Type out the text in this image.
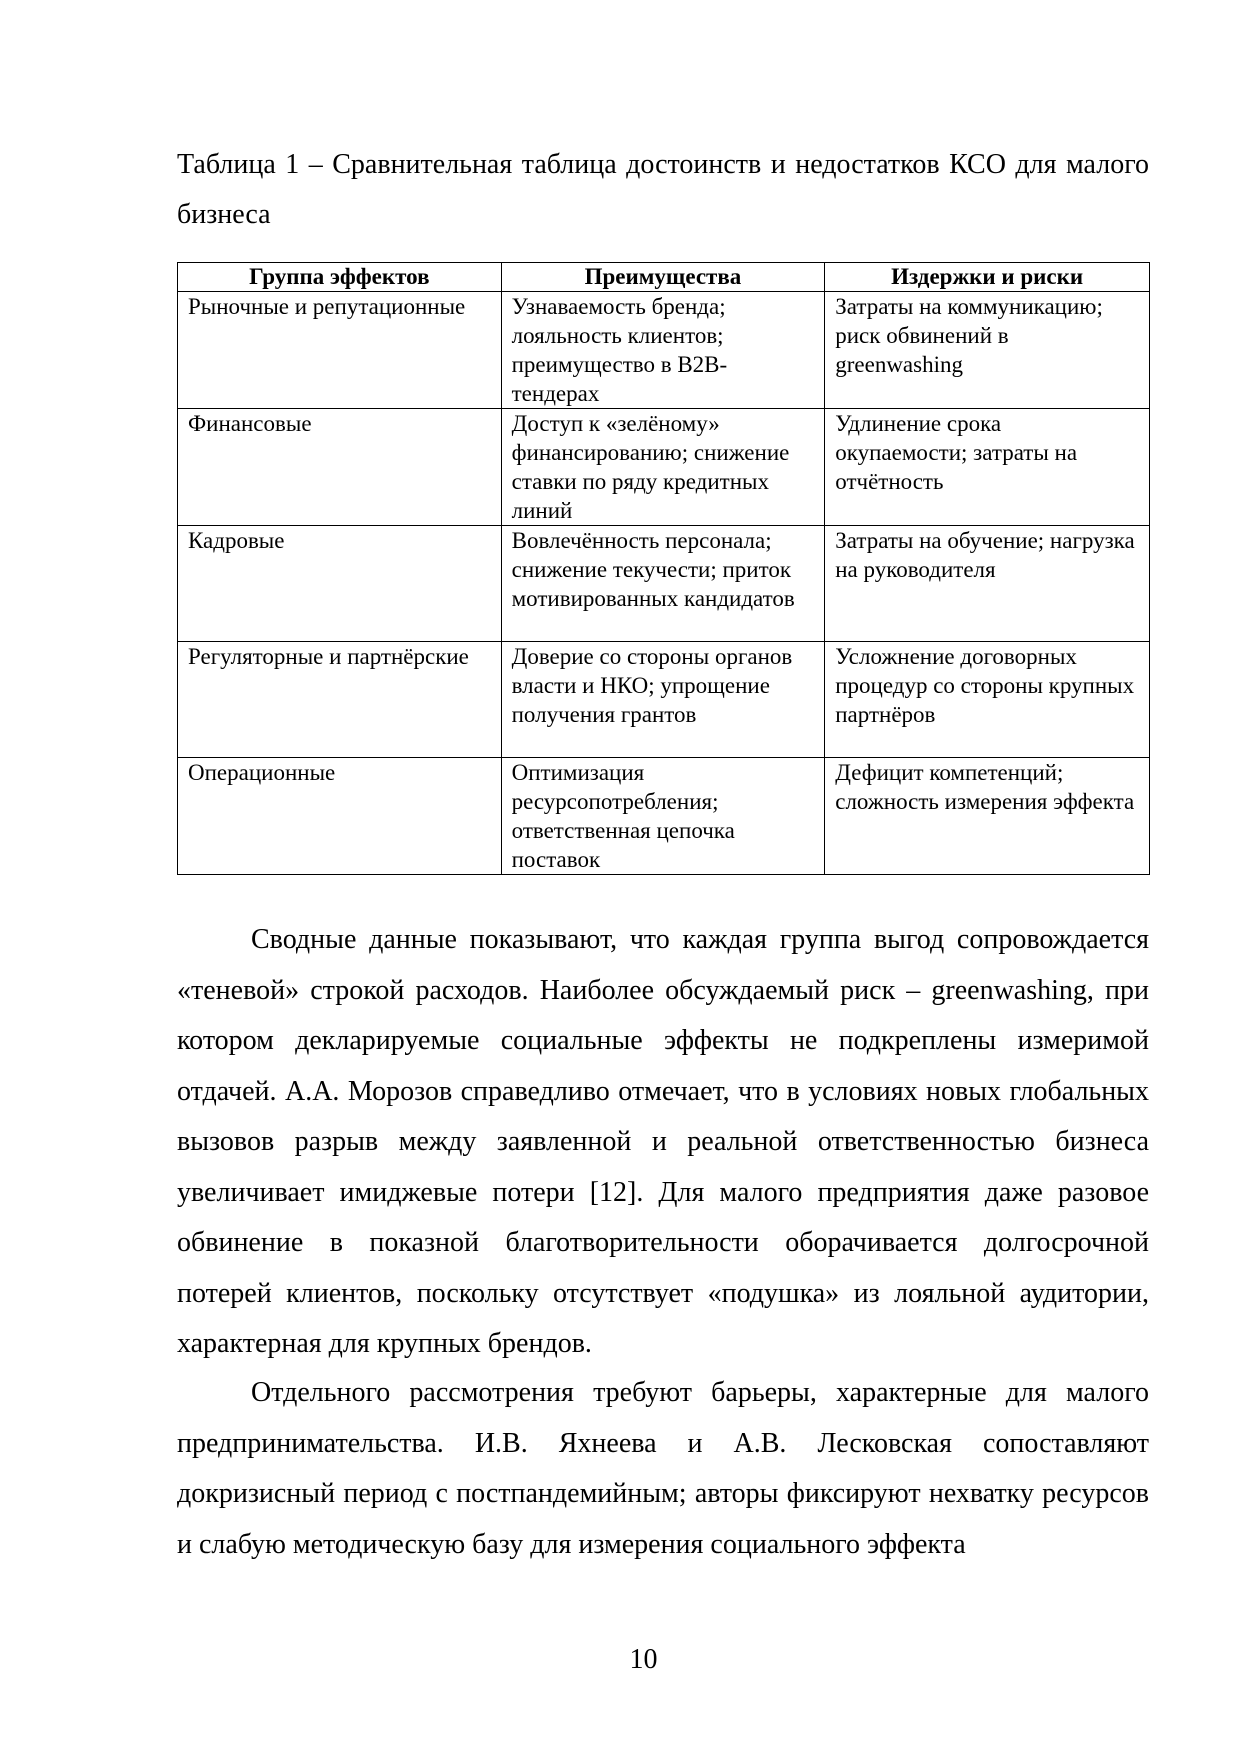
Таблица 1 – Сравнительная таблица достоинств и недостатков КСО для малого бизнеса

Группа эффектов	Преимущества	Издержки и риски
Рыночные и репутационные	Узнаваемость бренда; лояльность клиентов; преимущество в B2B-тендерах	Затраты на коммуникацию; риск обвинений в greenwashing
Финансовые	Доступ к «зелёному» финансированию; снижение ставки по ряду кредитных линий	Удлинение срока окупаемости; затраты на отчётность
Кадровые	Вовлечённость персонала; снижение текучести; приток мотивированных кандидатов	Затраты на обучение; нагрузка на руководителя
Регуляторные и партнёрские	Доверие со стороны органов власти и НКО; упрощение получения грантов	Усложнение договорных процедур со стороны крупных партнёров
Операционные	Оптимизация ресурсопотребления; ответственная цепочка поставок	Дефицит компетенций; сложность измерения эффекта

Сводные данные показывают, что каждая группа выгод сопровождается «теневой» строкой расходов. Наиболее обсуждаемый риск – greenwashing, при котором декларируемые социальные эффекты не подкреплены измеримой отдачей. А.А. Морозов справедливо отмечает, что в условиях новых глобальных вызовов разрыв между заявленной и реальной ответственностью бизнеса увеличивает имиджевые потери [12]. Для малого предприятия даже разовое обвинение в показной благотворительности оборачивается долгосрочной потерей клиентов, поскольку отсутствует «подушка» из лояльной аудитории, характерная для крупных брендов.

Отдельного рассмотрения требуют барьеры, характерные для малого предпринимательства. И.В. Яхнеева и А.В. Лесковская сопоставляют докризисный период с постпандемийным; авторы фиксируют нехватку ресурсов и слабую методическую базу для измерения социального эффекта

10
